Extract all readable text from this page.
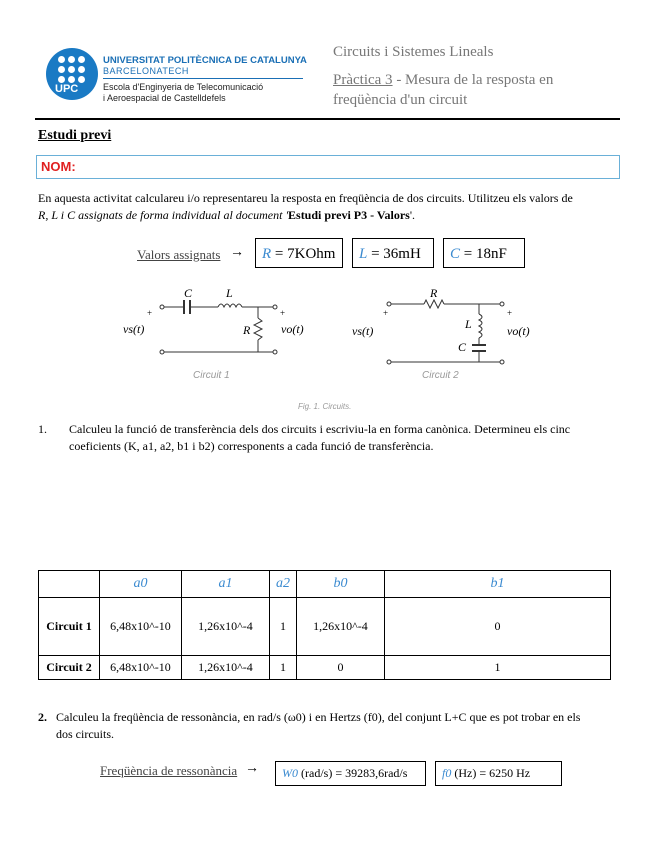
UPC
UNIVERSITAT POLITÈCNICA DE CATALUNYA
BARCELONATECH
Escola d'Enginyeria de Telecomunicació
i Aeroespacial de Castelldefels
Circuits i Sistemes Lineals
Pràctica 3 - Mesura de la resposta en
freqüència d'un circuit
Estudi previ
NOM:
En aquesta activitat calculareu i/o representareu la resposta en freqüència de dos circuits. Utilitzeu els valors de
R, L i C assignats de forma individual al document 'Estudi previ P3 - Valors'.
Valors assignats →	R = 7KOhm	L = 36mH	C = 18nF
C	L
R
+	+
vs(t)	vo(t)
Circuit 1
R
L
C
+	+
vs(t)	vo(t)
Circuit 2
Fig. 1. Circuits.
1. Calculeu la funció de transferència dels dos circuits i escriviu-la en forma canònica. Determineu els cinc
coeficients (K, a1, a2, b1 i b2) corresponents a cada funció de transferència.
	a0	a1	a2	b0	b1
Circuit 1	6,48x10^-10	1,26x10^-4	1	1,26x10^-4	0
Circuit 2	6,48x10^-10	1,26x10^-4	1	0	1
2. Calculeu la freqüència de ressonància, en rad/s (ω0) i en Hertzs (f0), del conjunt L+C que es pot trobar en els
dos circuits.
Freqüència de ressonància →	W0 (rad/s) = 39283,6rad/s	f0 (Hz) = 6250 Hz
